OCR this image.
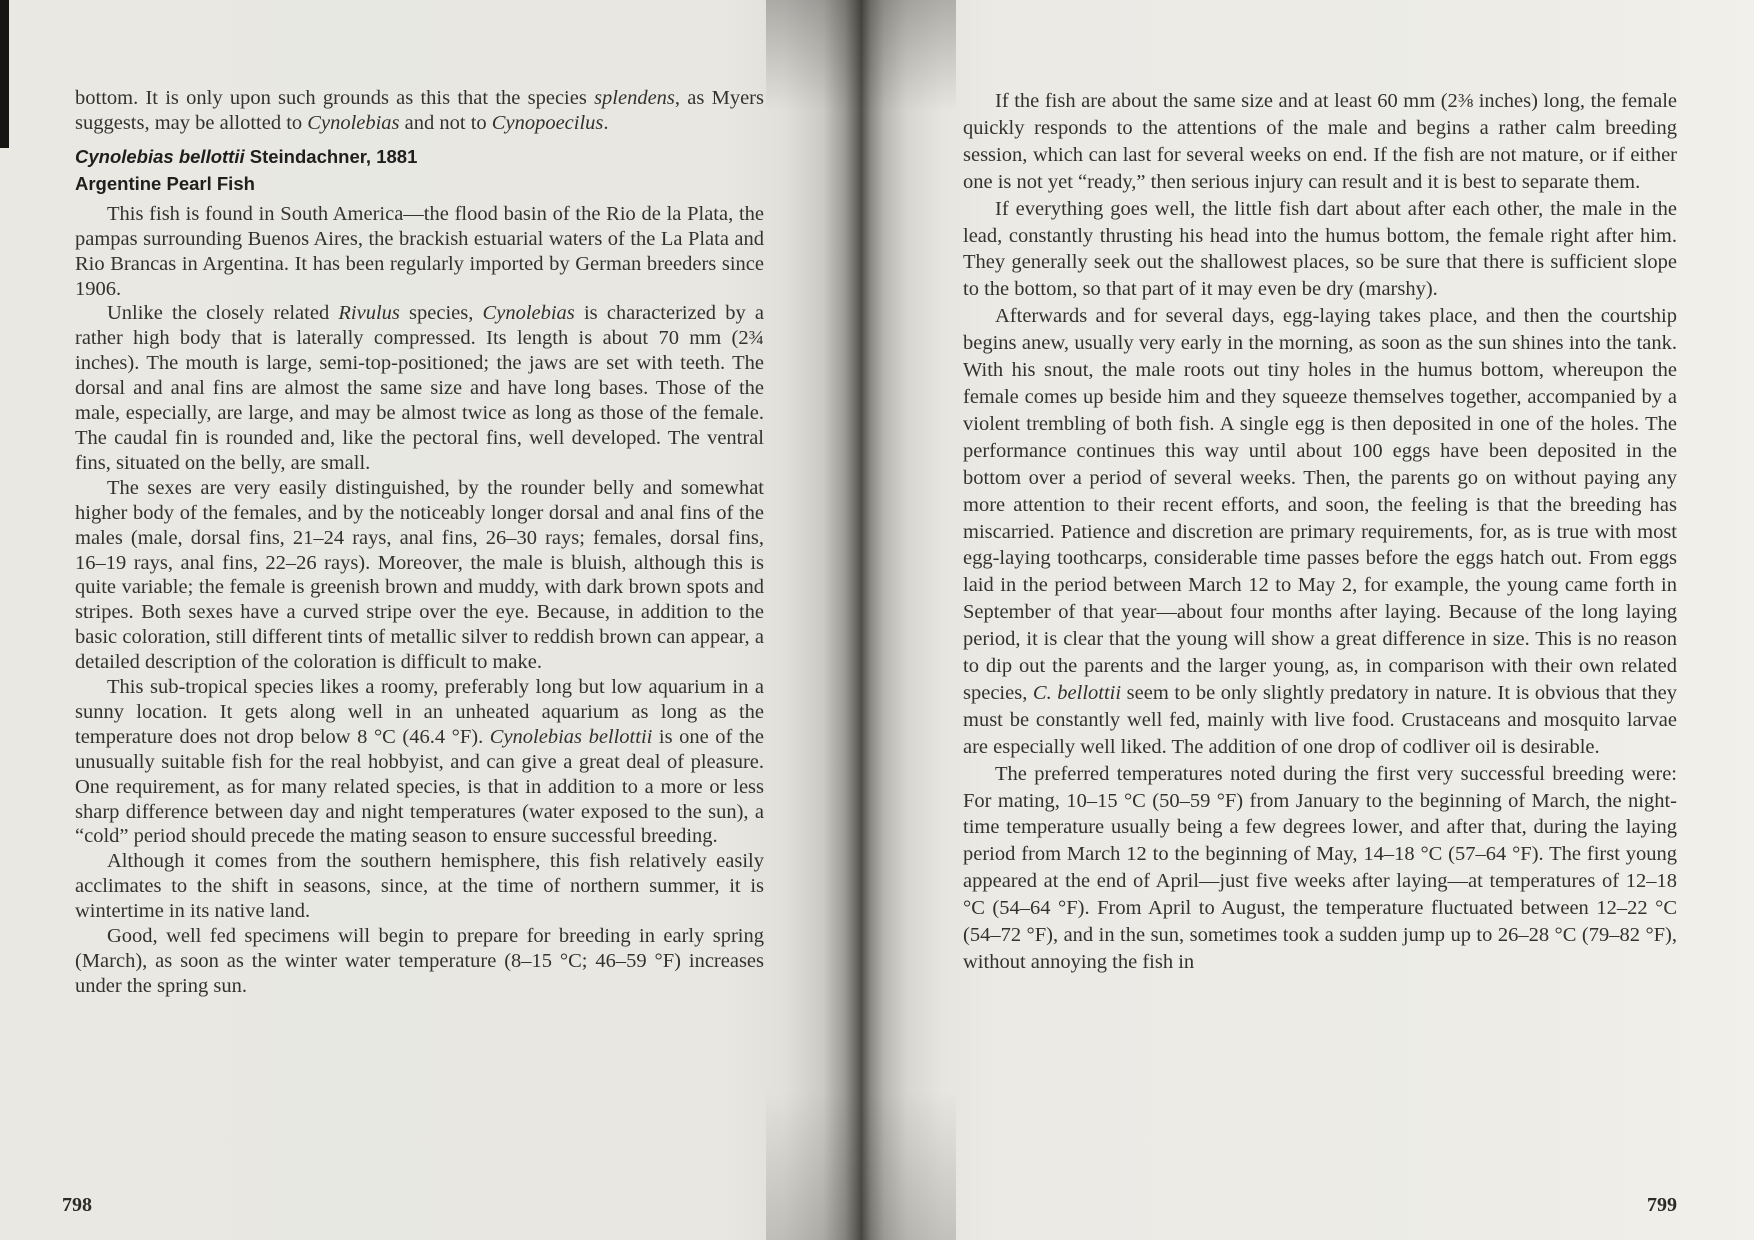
bottom. It is only upon such grounds as this that the species splendens, as Myers suggests, may be allotted to Cynolebias and not to Cynopoecilus.

Cynolebias bellottii Steindachner, 1881
Argentine Pearl Fish

This fish is found in South America—the flood basin of the Rio de la Plata, the pampas surrounding Buenos Aires, the brackish estuarial waters of the La Plata and Rio Brancas in Argentina. It has been regularly imported by German breeders since 1906.

Unlike the closely related Rivulus species, Cynolebias is characterized by a rather high body that is laterally compressed. Its length is about 70 mm (2¾ inches). The mouth is large, semi-top-positioned; the jaws are set with teeth. The dorsal and anal fins are almost the same size and have long bases. Those of the male, especially, are large, and may be almost twice as long as those of the female. The caudal fin is rounded and, like the pectoral fins, well developed. The ventral fins, situated on the belly, are small.

The sexes are very easily distinguished, by the rounder belly and somewhat higher body of the females, and by the noticeably longer dorsal and anal fins of the males (male, dorsal fins, 21–24 rays, anal fins, 26–30 rays; females, dorsal fins, 16–19 rays, anal fins, 22–26 rays). Moreover, the male is bluish, although this is quite variable; the female is greenish brown and muddy, with dark brown spots and stripes. Both sexes have a curved stripe over the eye. Because, in addition to the basic coloration, still different tints of metallic silver to reddish brown can appear, a detailed description of the coloration is difficult to make.

This sub-tropical species likes a roomy, preferably long but low aquarium in a sunny location. It gets along well in an unheated aquarium as long as the temperature does not drop below 8 °C (46.4 °F). Cynolebias bellottii is one of the unusually suitable fish for the real hobbyist, and can give a great deal of pleasure. One requirement, as for many related species, is that in addition to a more or less sharp difference between day and night temperatures (water exposed to the sun), a “cold” period should precede the mating season to ensure successful breeding.

Although it comes from the southern hemisphere, this fish relatively easily acclimates to the shift in seasons, since, at the time of northern summer, it is wintertime in its native land.

Good, well fed specimens will begin to prepare for breeding in early spring (March), as soon as the winter water temperature (8–15 °C; 46–59 °F) increases under the spring sun.

If the fish are about the same size and at least 60 mm (2⅜ inches) long, the female quickly responds to the attentions of the male and begins a rather calm breeding session, which can last for several weeks on end. If the fish are not mature, or if either one is not yet “ready,” then serious injury can result and it is best to separate them.

If everything goes well, the little fish dart about after each other, the male in the lead, constantly thrusting his head into the humus bottom, the female right after him. They generally seek out the shallowest places, so be sure that there is sufficient slope to the bottom, so that part of it may even be dry (marshy).

Afterwards and for several days, egg-laying takes place, and then the courtship begins anew, usually very early in the morning, as soon as the sun shines into the tank. With his snout, the male roots out tiny holes in the humus bottom, whereupon the female comes up beside him and they squeeze themselves together, accompanied by a violent trembling of both fish. A single egg is then deposited in one of the holes. The performance continues this way until about 100 eggs have been deposited in the bottom over a period of several weeks. Then, the parents go on without paying any more attention to their recent efforts, and soon, the feeling is that the breeding has miscarried. Patience and discretion are primary requirements, for, as is true with most egg-laying toothcarps, considerable time passes before the eggs hatch out. From eggs laid in the period between March 12 to May 2, for example, the young came forth in September of that year—about four months after laying. Because of the long laying period, it is clear that the young will show a great difference in size. This is no reason to dip out the parents and the larger young, as, in comparison with their own related species, C. bellottii seem to be only slightly predatory in nature. It is obvious that they must be constantly well fed, mainly with live food. Crustaceans and mosquito larvae are especially well liked. The addition of one drop of codliver oil is desirable.

The preferred temperatures noted during the first very successful breeding were: For mating, 10–15 °C (50–59 °F) from January to the beginning of March, the night-time temperature usually being a few degrees lower, and after that, during the laying period from March 12 to the beginning of May, 14–18 °C (57–64 °F). The first young appeared at the end of April—just five weeks after laying—at temperatures of 12–18 °C (54–64 °F). From April to August, the temperature fluctuated between 12–22 °C (54–72 °F), and in the sun, sometimes took a sudden jump up to 26–28 °C (79–82 °F), without annoying the fish in

798	799
